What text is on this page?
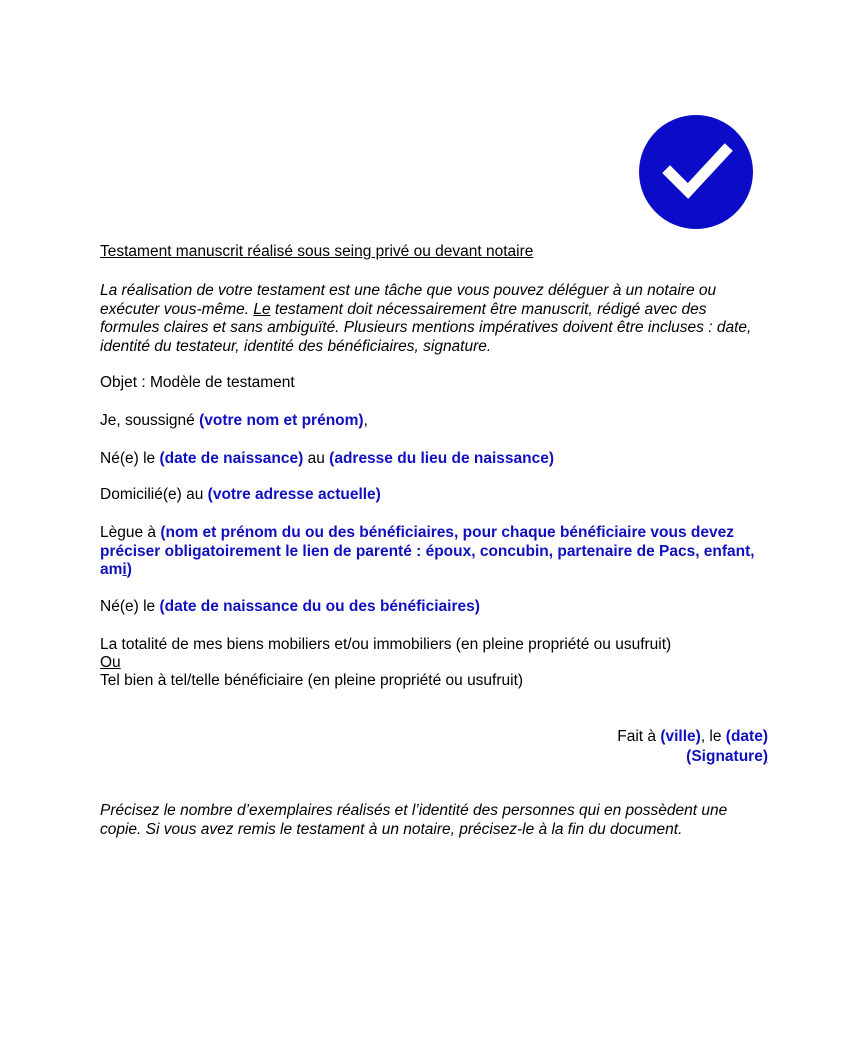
Testament manuscrit réalisé sous seing privé ou devant notaire
La réalisation de votre testament est une tâche que vous pouvez déléguer à un notaire ou exécuter vous-même. Le testament doit nécessairement être manuscrit, rédigé avec des formules claires et sans ambiguïté. Plusieurs mentions impératives doivent être incluses : date, identité du testateur, identité des bénéficiaires, signature.
Objet : Modèle de testament
Je, soussigné (votre nom et prénom),
Né(e) le (date de naissance) au (adresse du lieu de naissance)
Domicilié(e) au (votre adresse actuelle)
Lègue à (nom et prénom du ou des bénéficiaires, pour chaque bénéficiaire vous devez préciser obligatoirement le lien de parenté : époux, concubin, partenaire de Pacs, enfant, ami)
Né(e) le (date de naissance du ou des bénéficiaires)
La totalité de mes biens mobiliers et/ou immobiliers (en pleine propriété ou usufruit)
Ou
Tel bien à tel/telle bénéficiaire (en pleine propriété ou usufruit)
Fait à (ville), le (date)
(Signature)
Précisez le nombre d’exemplaires réalisés et l’identité des personnes qui en possèdent une copie. Si vous avez remis le testament à un notaire, précisez-le à la fin du document.
